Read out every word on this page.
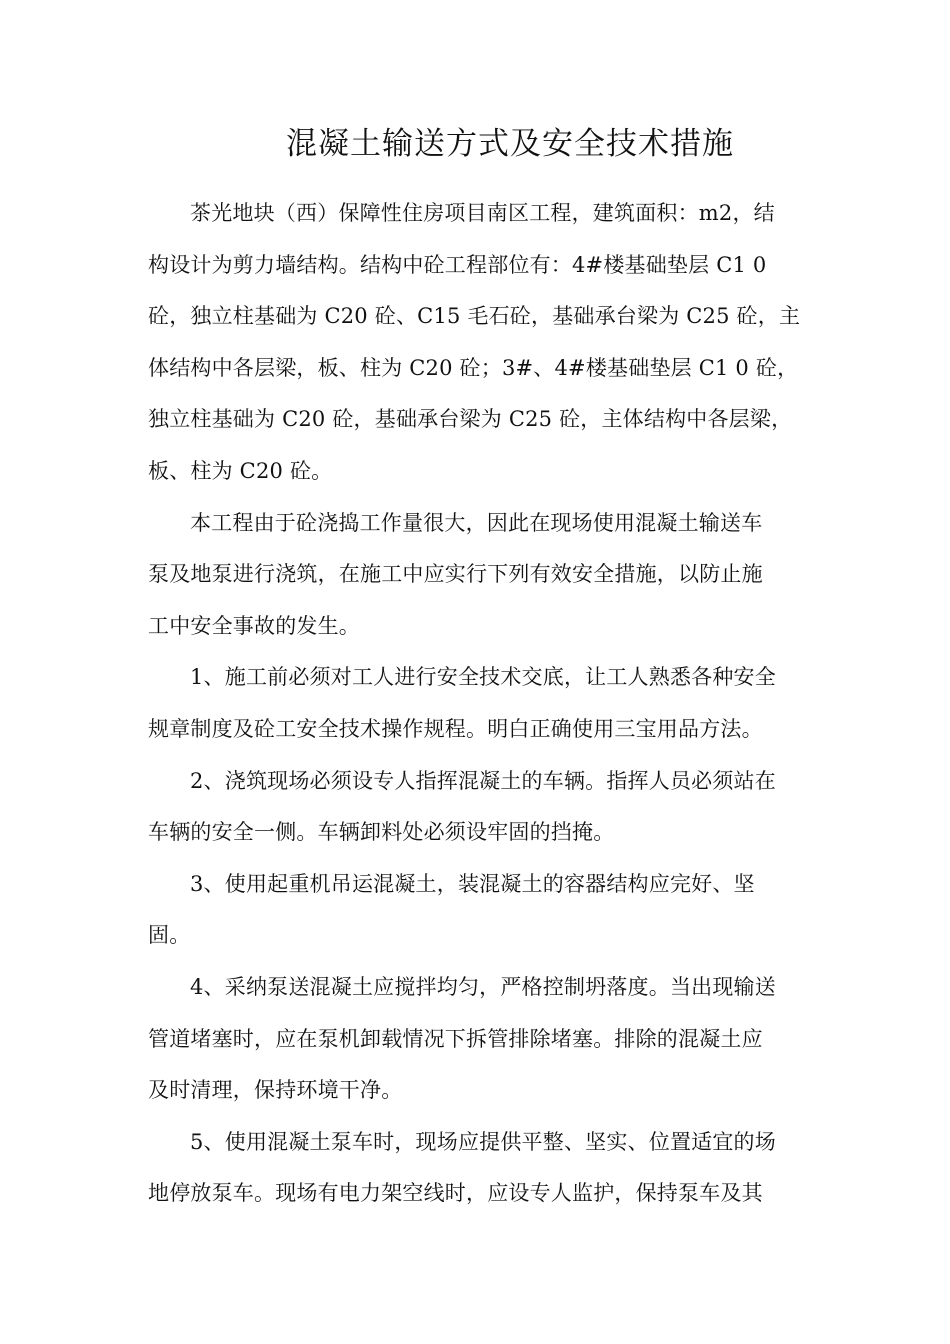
混凝土输送方式及安全技术措施

茶光地块（西）保障性住房项目南区工程，建筑面积：m2，结
构设计为剪力墙结构。结构中砼工程部位有：4#楼基础垫层 C1 0
砼，独立柱基础为 C20 砼、C15 毛石砼，基础承台梁为 C25 砼，主
体结构中各层梁，板、柱为 C20 砼；3#、4#楼基础垫层 C1 0 砼，
独立柱基础为 C20 砼，基础承台梁为 C25 砼，主体结构中各层梁，
板、柱为 C20 砼。

本工程由于砼浇捣工作量很大，因此在现场使用混凝土输送车
泵及地泵进行浇筑，在施工中应实行下列有效安全措施，以防止施
工中安全事故的发生。

1、施工前必须对工人进行安全技术交底，让工人熟悉各种安全
规章制度及砼工安全技术操作规程。明白正确使用三宝用品方法。

2、浇筑现场必须设专人指挥混凝土的车辆。指挥人员必须站在
车辆的安全一侧。车辆卸料处必须设牢固的挡掩。

3、使用起重机吊运混凝土，装混凝土的容器结构应完好、坚
固。

4、采纳泵送混凝土应搅拌均匀，严格控制坍落度。当出现输送
管道堵塞时，应在泵机卸载情况下拆管排除堵塞。排除的混凝土应
及时清理，保持环境干净。

5、使用混凝土泵车时，现场应提供平整、坚实、位置适宜的场
地停放泵车。现场有电力架空线时，应设专人监护，保持泵车及其
